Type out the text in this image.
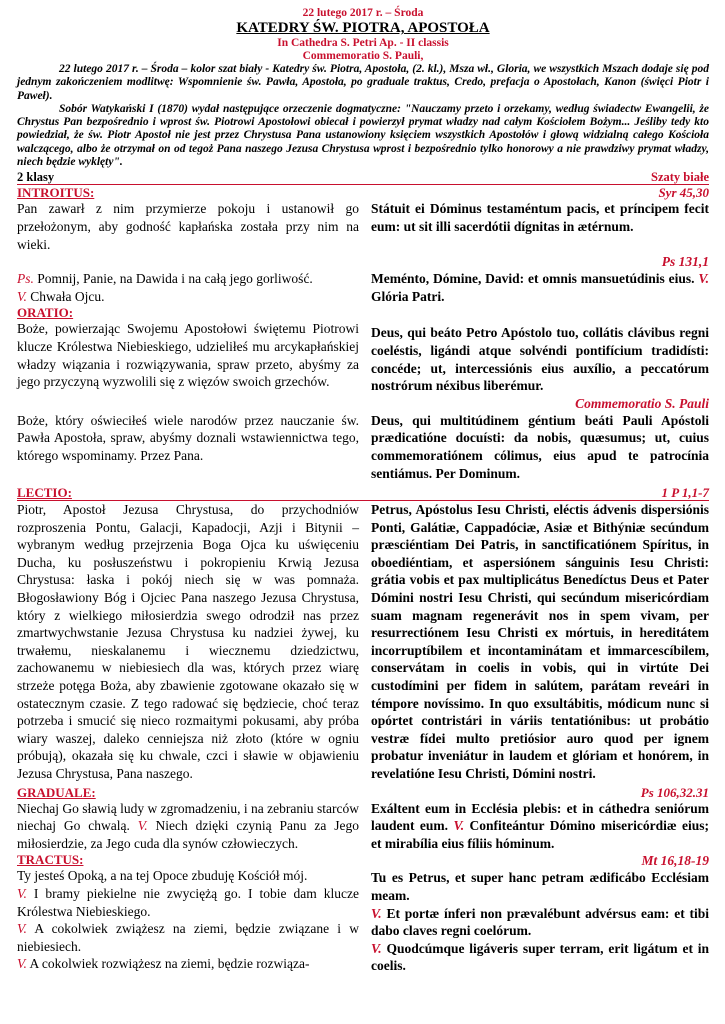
22 lutego 2017 r. – Środa
KATEDRY ŚW. PIOTRA, APOSTOŁA
In Cathedra S. Petri Ap. - II classis
Commemoratio S. Pauli,

22 lutego 2017 r. – Środa – kolor szat biały - Katedry św. Piotra, Apostoła, (2. kl.), Msza wł., Gloria, we wszystkich Mszach dodaje się pod jednym zakończeniem modlitwę: Wspomnienie św. Pawła, Apostoła, po graduale traktus, Credo, prefacja o Apostołach, Kanon (święci Piotr i Paweł).

Sobór Watykański I (1870) wydał następujące orzeczenie dogmatyczne: "Nauczamy przeto i orzekamy, według świadectw Ewangelii, że Chrystus Pan bezpośrednio i wprost św. Piotrowi Apostołowi obiecał i powierzył prymat władzy nad całym Kościołem Bożym... Jeśliby tedy kto powiedział, że św. Piotr Apostoł nie jest przez Chrystusa Pana ustanowiony księciem wszystkich Apostołów i głową widzialną całego Kościoła walczącego, albo że otrzymał on od tegoż Pana naszego Jezusa Chrystusa wprost i bezpośrednio tylko honorowy a nie prawdziwy prymat władzy, niech będzie wyklęty".

2 klasy	Szaty białe
INTROITUS:	Syr 45,30

Pan zawarł z nim przymierze pokoju i ustanowił go przełożonym, aby godność kapłańska została przy nim na wieki.

Státuit ei Dóminus testaméntum pacis, et príncipem fecit eum: ut sit illi sacerdótii dígnitas in ætérnum.

Ps. Pomnij, Panie, na Dawida i na całą jego gorliwość.
V. Chwała Ojcu.

Ps 131,1

Meménto, Dómine, David: et omnis mansuetúdinis eius. V. Glória Patri.

ORATIO:

Boże, powierzając Swojemu Apostołowi świętemu Piotrowi klucze Królestwa Niebieskiego, udzieliłeś mu arcykapłańskiej władzy wiązania i rozwiązywania, spraw przeto, abyśmy za jego przyczyną wyzwolili się z więzów swoich grzechów.

Deus, qui beáto Petro Apóstolo tuo, collátis clávibus regni coeléstis, ligándi atque solvéndi pontifícium tradidísti: concéde; ut, intercessiónis eius auxílio, a peccatórum nostrórum néxibus liberémur.

Commemoratio S. Pauli

Boże, który oświeciłeś wiele narodów przez nauczanie św. Pawła Apostoła, spraw, abyśmy doznali wstawiennictwa tego, którego wspominamy. Przez Pana.

Deus, qui multitúdinem géntium beáti Pauli Apóstoli prædicatióne docuísti: da nobis, quæsumus; ut, cuius commemoratiónem cólimus, eius apud te patrocínia sentiámus. Per Dominum.

LECTIO:	1 P 1,1-7

Piotr, Apostoł Jezusa Chrystusa, do przychodniów rozproszenia Pontu, Galacji, Kapadocji, Azji i Bitynii – wybranym według przejrzenia Boga Ojca ku uświęceniu Ducha, ku posłuszeństwu i pokropieniu Krwią Jezusa Chrystusa: łaska i pokój niech się w was pomnaża. Błogosławiony Bóg i Ojciec Pana naszego Jezusa Chrystusa, który z wielkiego miłosierdzia swego odrodził nas przez zmartwychwstanie Jezusa Chrystusa ku nadziei żywej, ku trwałemu, nieskalanemu i wiecznemu dziedzictwu, zachowanemu w niebiesiech dla was, których przez wiarę strzeże potęga Boża, aby zbawienie zgotowane okazało się w ostatecznym czasie. Z tego radować się będziecie, choć teraz potrzeba i smucić się nieco rozmaitymi pokusami, aby próba wiary waszej, daleko cenniejsza niż złoto (które w ogniu próbują), okazała się ku chwale, czci i sławie w objawieniu Jezusa Chrystusa, Pana naszego.

Petrus, Apóstolus Iesu Christi, eléctis ádvenis dispersiónis Ponti, Galátiæ, Cappadóciæ, Asiæ et Bithýniæ secúndum præsciéntiam Dei Patris, in sanctificatiónem Spíritus, in oboediéntiam, et aspersiónem sánguinis Iesu Christi: grátia vobis et pax multiplicátus Benedíctus Deus et Pater Dómini nostri Iesu Christi, qui secúndum misericórdiam suam magnam regenerávit nos in spem vivam, per resurrectiónem Iesu Christi ex mórtuis, in hereditátem incorruptíbilem et incontaminátam et immarcescíbilem, conservátam in coelis in vobis, qui in virtúte Dei custodímini per fidem in salútem, parátam reveári in témpore novíssimo. In quo exsultábitis, módicum nunc si opórtet contristári in váriis tentatiónibus: ut probátio vestræ fídei multo pretiósior auro quod per ignem probatur inveniátur in laudem et glóriam et honórem, in revelatióne Iesu Christi, Dómini nostri.

GRADUALE:	Ps 106,32.31

Niechaj Go sławią ludy w zgromadzeniu, i na zebraniu starców niechaj Go chwalą. V. Niech dzięki czynią Panu za Jego miłosierdzie, za Jego cuda dla synów człowieczych.

Exáltent eum in Ecclésia plebis: et in cáthedra seniórum laudent eum. V. Confiteántur Dómino misericórdiæ eius; et mirabília eius fíliis hóminum.

TRACTUS:

Ty jesteś Opoką, a na tej Opoce zbuduję Kościół mój.

V. I bramy piekielne nie zwyciężą go. I tobie dam klucze Królestwa Niebieskiego.

V. A cokolwiek zwiążesz na ziemi, będzie związane i w niebiesiech.

V. A cokolwiek rozwiążesz na ziemi, będzie rozwiąza-

Mt 16,18-19

Tu es Petrus, et super hanc petram ædificábo Ecclésiam meam.

V. Et portæ ínferi non prævalébunt advérsus eam: et tibi dabo claves regni coelórum.

V. Quodcúmque ligáveris super terram, erit ligátum et in coelis.
